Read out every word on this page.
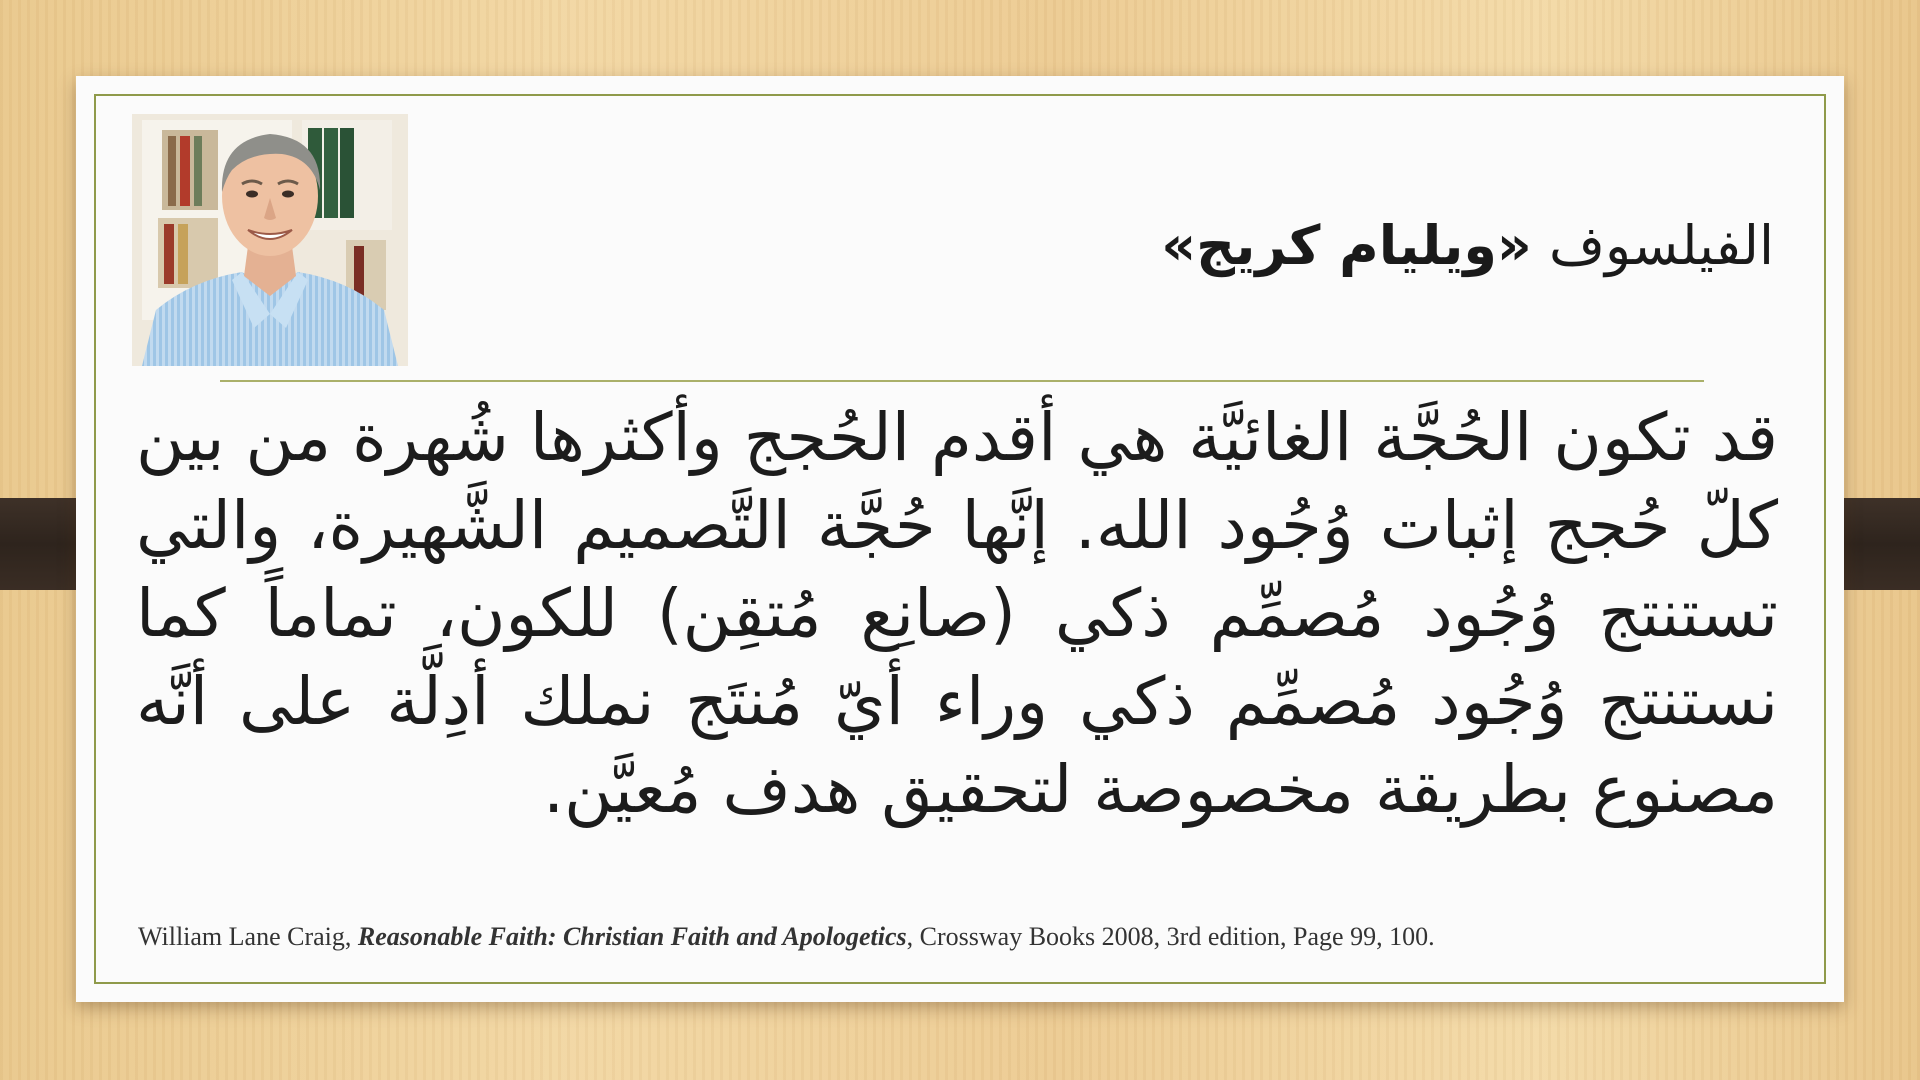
الفيلسوف «ويليام كريج»
قد تكون الحُجَّة الغائيَّة هي أقدم الحُجج وأكثرها شُهرة من بين كلّ حُجج إثبات وُجُود الله. إنَّها حُجَّة التَّصميم الشَّهيرة، والتي تستنتج وُجُود مُصمِّم ذكي (صانِع مُتقِن) للكون، تماماً كما نستنتج وُجُود مُصمِّم ذكي وراء أيّ مُنتَج نملك أدِلَّة على أنَّه مصنوع بطريقة مخصوصة لتحقيق هدف مُعيَّن.
William Lane Craig, Reasonable Faith: Christian Faith and Apologetics, Crossway Books 2008, 3rd edition, Page 99, 100.
